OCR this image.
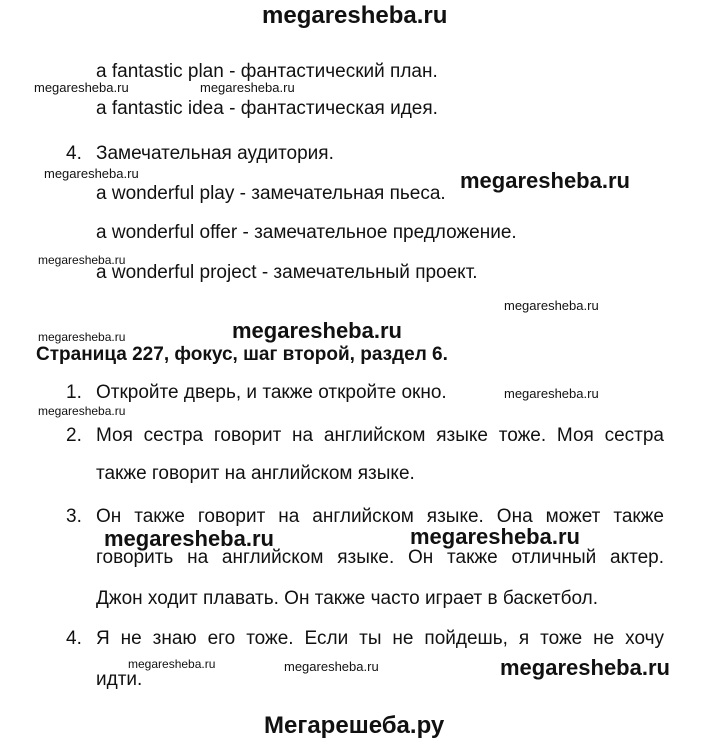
megaresheba.ru
a fantastic plan - фантастический план.
megaresheba.ru	megaresheba.ru
a fantastic idea - фантастическая идея.
4. Замечательная аудитория.
megaresheba.ru
a wonderful play - замечательная пьеса.
megaresheba.ru
a wonderful offer - замечательное предложение.
megaresheba.ru
a wonderful project - замечательный проект.
megaresheba.ru
megaresheba.ru	megaresheba.ru
Страница 227, фокус, шаг второй, раздел 6.
1. Откройте дверь, и также откройте окно.	megaresheba.ru
megaresheba.ru
2. Моя сестра говорит на английском языке тоже. Моя сестра
также говорит на английском языке.
3. Он также говорит на английском языке. Она может также
megaresheba.ru	megaresheba.ru
говорить на английском языке. Он также отличный актер.
Джон ходит плавать. Он также часто играет в баскетбол.
4. Я не знаю его тоже. Если ты не пойдешь, я тоже не хочу
megaresheba.ru	megaresheba.ru	megaresheba.ru
идти.
Мегарешеба.ру
